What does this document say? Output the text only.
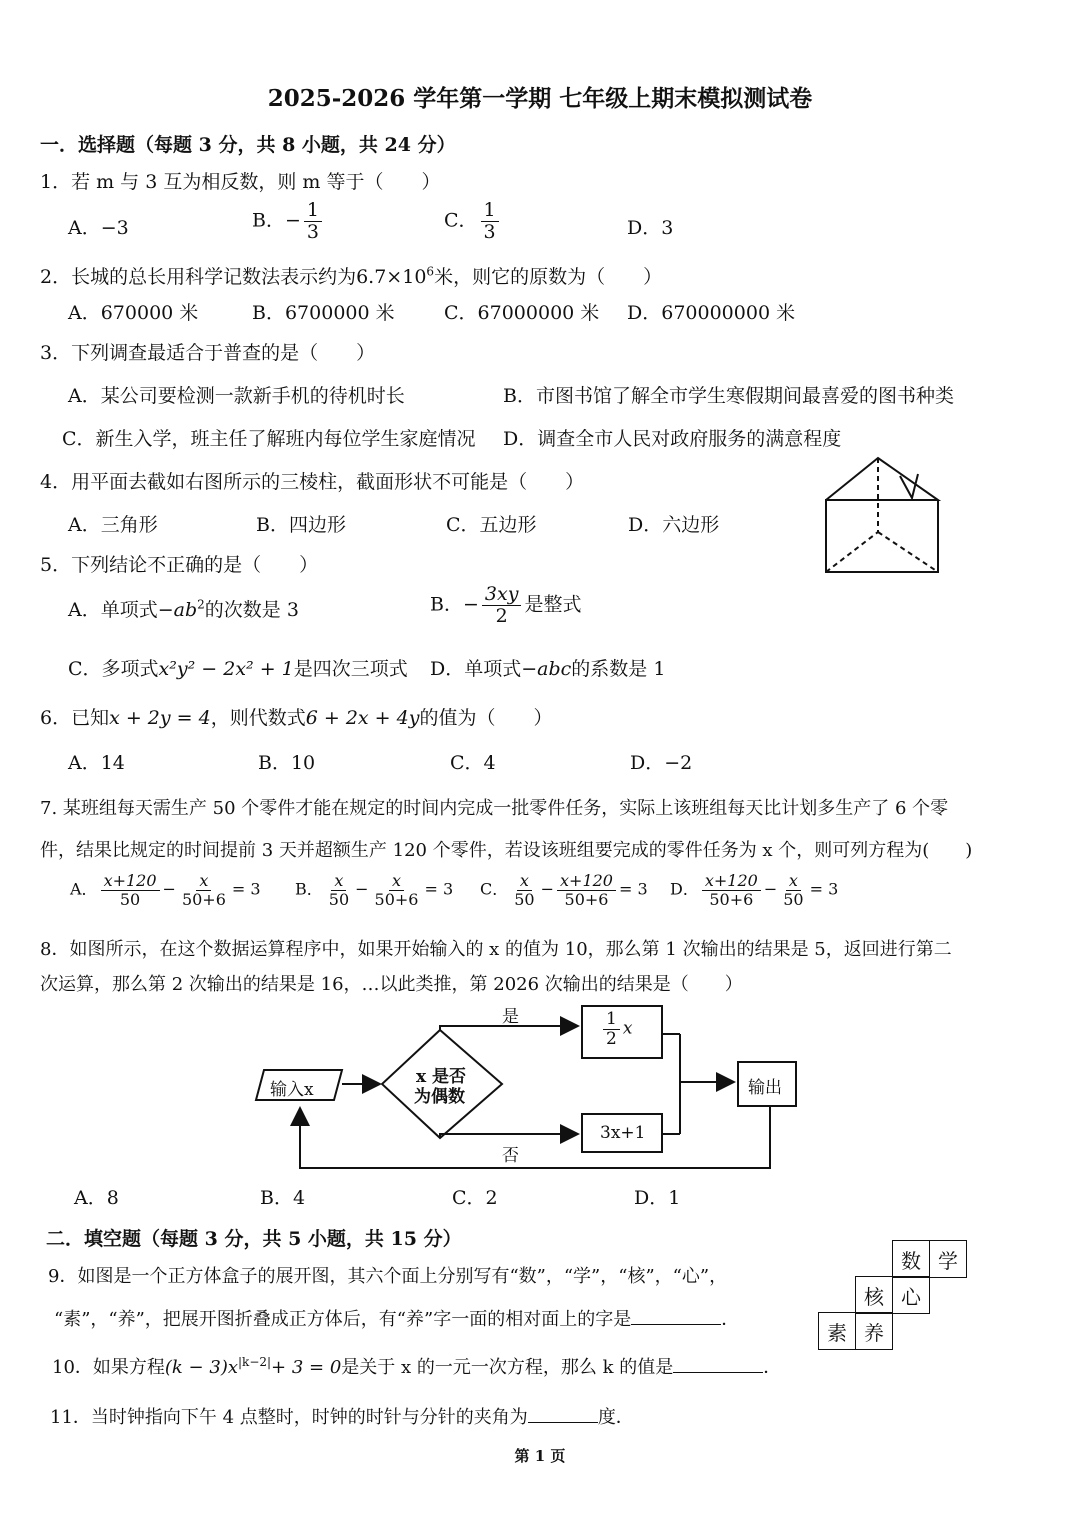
2025-2026 学年第一学期 七年级上期末模拟测试卷
一．选择题（每题 3 分，共 8 小题，共 24 分）
1．若 m 与 3 互为相反数，则 m 等于（　　）
A．−3	B．− $\frac{1}{3}$	C． $\frac{1}{3}$	D．3
2．长城的总长用科学记数法表示约为$6.7\times 10^6$米，则它的原数为（　　）
A．670000 米	B．6700000 米	C．67000000 米 D．670000000 米
3．下列调查最适合于普查的是（　　）
A．某公司要检测一款新手机的待机时长	B．市图书馆了解全市学生寒假期间最喜爱的图书种类
C．新生入学，班主任了解班内每位学生家庭情况 D．调查全市人民对政府服务的满意程度
4．用平面去截如右图所示的三棱柱，截面形状不可能是（　　）
A．三角形	B．四边形	C．五边形	D．六边形
5．下列结论不正确的是（　　）
A．单项式$-ab^2$的次数是 3	B．− $\frac{3xy}{2}$ 是整式
C．多项式x²y² − 2x² + 1是四次三项式 D．单项式−abc的系数是 1
6．已知x + 2y = 4，则代数式6 + 2x + 4y的值为（　　）
A．14	B．10	C．4	D．−2
7. 某班组每天需生产 50 个零件才能在规定的时间内完成一批零件任务，实际上该班组每天比计划多生产了 6 个零
件，结果比规定的时间提前 3 天并超额生产 120 个零件，若设该班组要完成的零件任务为 x 个，则可列方程为(　　)
A． $\frac{x+120}{50} - \frac{x}{50+6} = 3$ B． $\frac{x}{50} - \frac{x}{50+6} = 3$ C． $\frac{x}{50} - \frac{x+120}{50+6} = 3$ D． $\frac{x+120}{50+6} - \frac{x}{50} = 3$
8．如图所示，在这个数据运算程序中，如果开始输入的 x 的值为 10，那么第 1 次输出的结果是 5，返回进行第二
次运算，那么第 2 次输出的结果是 16，…以此类推，第 2026 次输出的结果是（　　）
输入x
x 是否
为偶数
是
否
$\frac{1}{2}$ x
3x+1
输出
A．8	B．4	C．2	D．1
二．填空题（每题 3 分，共 5 小题，共 15 分）
9．如图是一个正方体盒子的展开图，其六个面上分别写有“数”，“学”，“核”，“心”，
“素”，“养”，把展开图折叠成正方体后，有“养”字一面的相对面上的字是	．
数 学
核 心
素 养
10．如果方程$(k - 3)x^{|k-2|}+ 3 = 0$是关于 x 的一元一次方程，那么 k 的值是	．
11．当时钟指向下午 4 点整时，时钟的时针与分针的夹角为	度．
第 1 页
